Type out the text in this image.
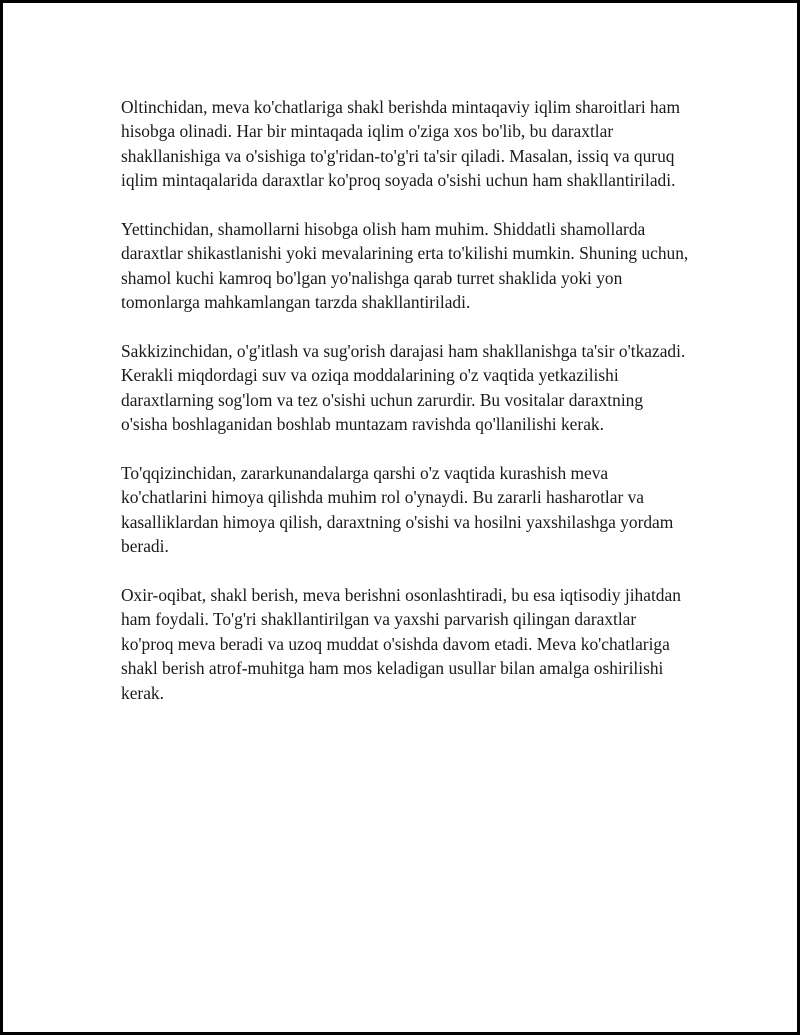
Oltinchidan, meva ko'chatlariga shakl berishda mintaqaviy iqlim sharoitlari ham hisobga olinadi. Har bir mintaqada iqlim o'ziga xos bo'lib, bu daraxtlar shakllanishiga va o'sishiga to'g'ridan-to'g'ri ta'sir qiladi. Masalan, issiq va quruq iqlim mintaqalarida daraxtlar ko'proq soyada o'sishi uchun ham shakllantiriladi.

Yettinchidan, shamollarni hisobga olish ham muhim. Shiddatli shamollarda daraxtlar shikastlanishi yoki mevalarining erta to'kilishi mumkin. Shuning uchun, shamol kuchi kamroq bo'lgan yo'nalishga qarab turret shaklida yoki yon tomonlarga mahkamlangan tarzda shakllantiriladi.

Sakkizinchidan, o'g'itlash va sug'orish darajasi ham shakllanishga ta'sir o'tkazadi. Kerakli miqdordagi suv va oziqa moddalarining o'z vaqtida yetkazilishi daraxtlarning sog'lom va tez o'sishi uchun zarurdir. Bu vositalar daraxtning o'sisha boshlaganidan boshlab muntazam ravishda qo'llanilishi kerak.

To'qqizinchidan, zararkunandalarga qarshi o'z vaqtida kurashish meva ko'chatlarini himoya qilishda muhim rol o'ynaydi. Bu zararli hasharotlar va kasalliklardan himoya qilish, daraxtning o'sishi va hosilni yaxshilashga yordam beradi.

Oxir-oqibat, shakl berish, meva berishni osonlashtiradi, bu esa iqtisodiy jihatdan ham foydali. To'g'ri shakllantirilgan va yaxshi parvarish qilingan daraxtlar ko'proq meva beradi va uzoq muddat o'sishda davom etadi. Meva ko'chatlariga shakl berish atrof-muhitga ham mos keladigan usullar bilan amalga oshirilishi kerak.
